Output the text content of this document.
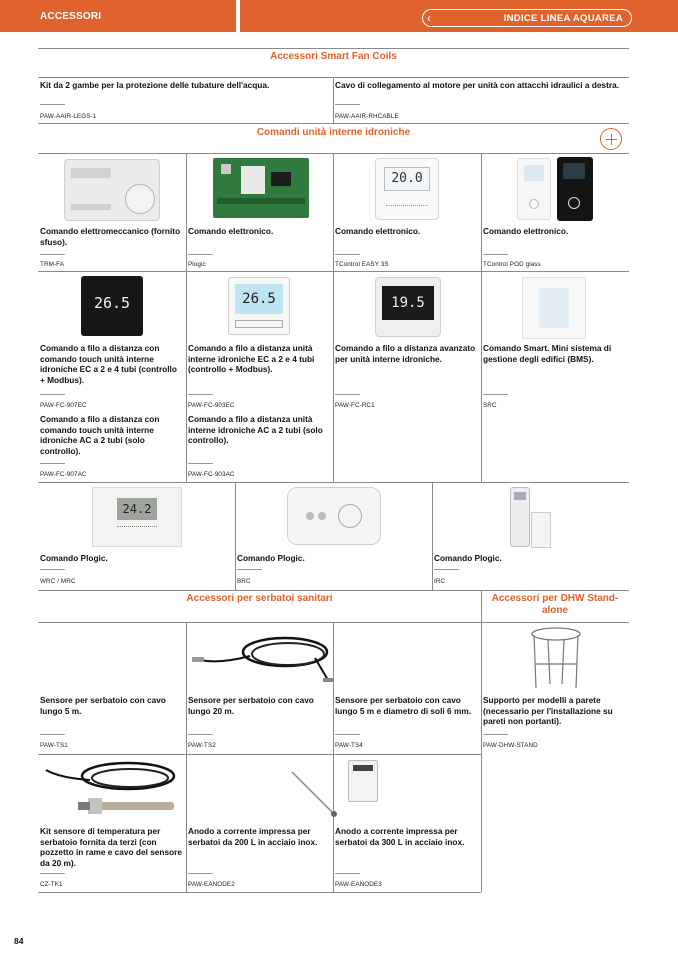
ACCESSORI	‹	INDICE LINEA AQUAREA
Accessori Smart Fan Coils
Kit da 2 gambe per la protezione delle tubature dell'acqua.
————
PAW-AAIR-LEGS-1
Cavo di collegamento al motore per unità con attacchi idraulici a destra.
————
PAW-AAIR-RHCABLE
Comandi unità interne idroniche
20.0
Comando elettromeccanico (fornito sfuso).
————
TRM-FA
Comando elettronico.
————
Plogic
Comando elettronico.
————
TControl EASY 3S
Comando elettronico.
————
TControl POD glass
26.5	26.5	19.5
Comando a filo a distanza con comando touch unità interne idroniche EC a 2 e 4 tubi (controllo + Modbus).
————
PAW-FC-907EC
Comando a filo a distanza unità interne idroniche EC a 2 e 4 tubi (controllo + Modbus).
————
PAW-FC-903EC
Comando a filo a distanza avanzato per unità interne idroniche.
————
PAW-FC-RC1
Comando Smart. Mini sistema di gestione degli edifici (BMS).
————
SRC
Comando a filo a distanza con comando touch unità interne idroniche AC a 2 tubi (solo controllo).
————
PAW-FC-907AC
Comando a filo a distanza unità interne idroniche AC a 2 tubi (solo controllo).
————
PAW-FC-903AC
24.2
Comando Plogic.
————
WRC / MRC
Comando Plogic.
————
BRC
Comando Plogic.
————
IRC
Accessori per serbatoi sanitari	Accessori per DHW Stand-alone
Sensore per serbatoio con cavo lungo 5 m.
————
PAW-TS1
Sensore per serbatoio con cavo lungo 20 m.
————
PAW-TS2
Sensore per serbatoio con cavo lungo 5 m e diametro di soli 6 mm.
————
PAW-TS4
Supporto per modelli a parete (necessario per l'installazione su pareti non portanti).
————
PAW-DHW-STAND
Kit sensore di temperatura per serbatoio fornita da terzi (con pozzetto in rame e cavo del sensore da 20 m).
————
CZ-TK1
Anodo a corrente impressa per serbatoi da 200 L in acciaio inox.
————
PAW-EANODE2
Anodo a corrente impressa per serbatoi da 300 L in acciaio inox.
————
PAW-EANODE3
84
